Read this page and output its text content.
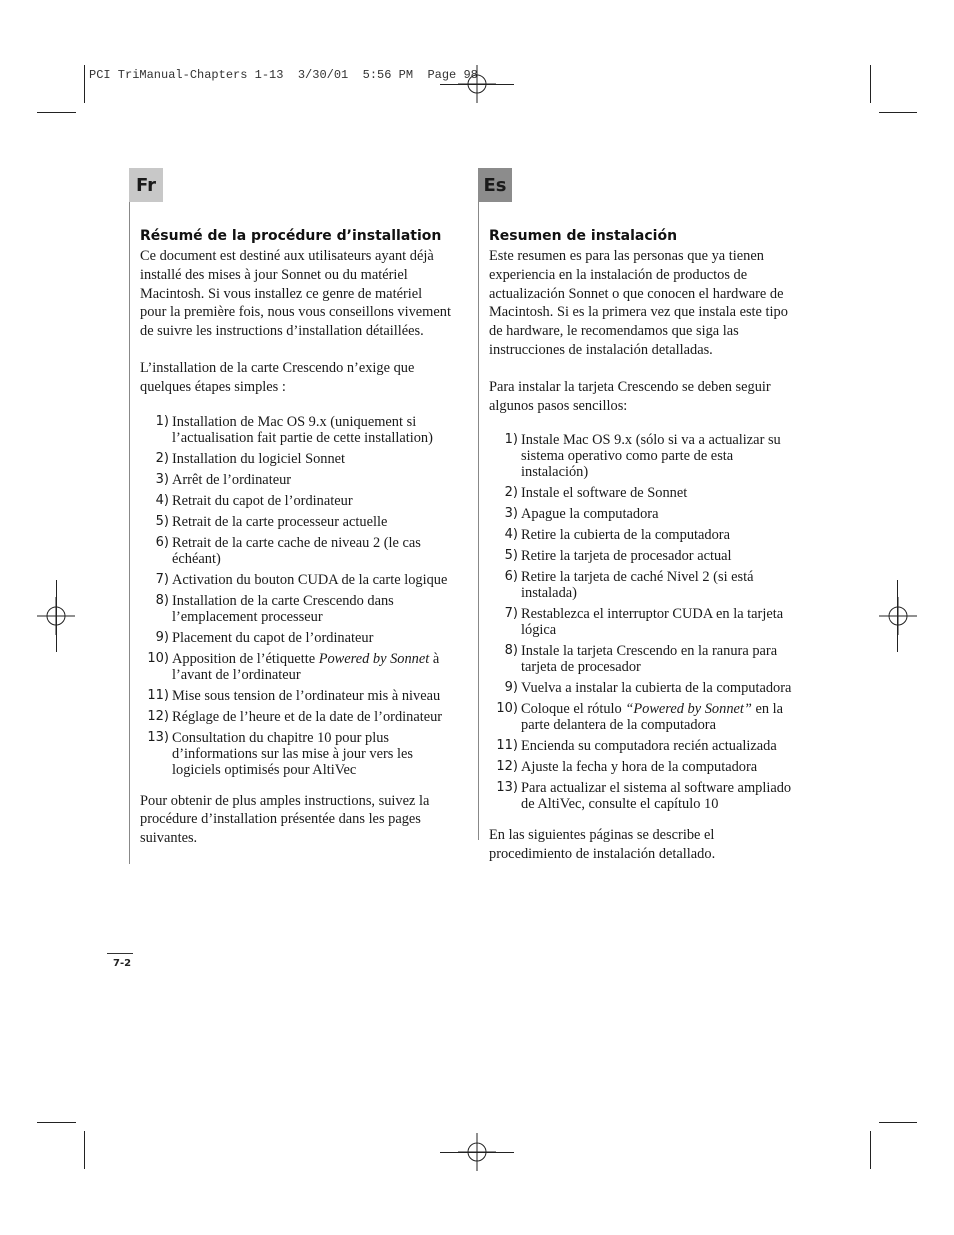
PCI TriManual-Chapters 1-13  3/30/01  5:56 PM  Page 98
Fr
Résumé de la procédure d’installation

Ce document est destiné aux utilisateurs ayant déjà installé des mises à jour Sonnet ou du matériel Macintosh. Si vous installez ce genre de matériel pour la première fois, nous vous conseillons vivement de suivre les instructions d’installation détaillées.

L’installation de la carte Crescendo n’exige que quelques étapes simples :

1) Installation de Mac OS 9.x (uniquement si l’actualisation fait partie de cette installation)
2) Installation du logiciel Sonnet
3) Arrêt de l’ordinateur
4) Retrait du capot de l’ordinateur
5) Retrait de la carte processeur actuelle
6) Retrait de la carte cache de niveau 2 (le cas échéant)
7) Activation du bouton CUDA de la carte logique
8) Installation de la carte Crescendo dans l’emplacement processeur
9) Placement du capot de l’ordinateur
10) Apposition de l’étiquette Powered by Sonnet à l’avant de l’ordinateur
11) Mise sous tension de l’ordinateur mis à niveau
12) Réglage de l’heure et de la date de l’ordinateur
13) Consultation du chapitre 10 pour plus d’informations sur las mise à jour vers les logiciels optimisés pour AltiVec

Pour obtenir de plus amples instructions, suivez la procédure d’installation présentée dans les pages suivantes.

Es
Resumen de instalación

Este resumen es para las personas que ya tienen experiencia en la instalación de productos de actualización Sonnet o que conocen el hardware de Macintosh. Si es la primera vez que instala este tipo de hardware, le recomendamos que siga las instrucciones de instalación detalladas.

Para instalar la tarjeta Crescendo se deben seguir algunos pasos sencillos:

1) Instale Mac OS 9.x (sólo si va a actualizar su sistema operativo como parte de esta instalación)
2) Instale el software de Sonnet
3) Apague la computadora
4) Retire la cubierta de la computadora
5) Retire la tarjeta de procesador actual
6) Retire la tarjeta de caché Nivel 2 (si está instalada)
7) Restablezca el interruptor CUDA en la tarjeta lógica
8) Instale la tarjeta Crescendo en la ranura para tarjeta de procesador
9) Vuelva a instalar la cubierta de la computadora
10) Coloque el rótulo “Powered by Sonnet” en la parte delantera de la computadora
11) Encienda su computadora recién actualizada
12) Ajuste la fecha y hora de la computadora
13) Para actualizar el sistema al software ampliado de AltiVec, consulte el capítulo 10

En las siguientes páginas se describe el procedimiento de instalación detallado.

7-2
